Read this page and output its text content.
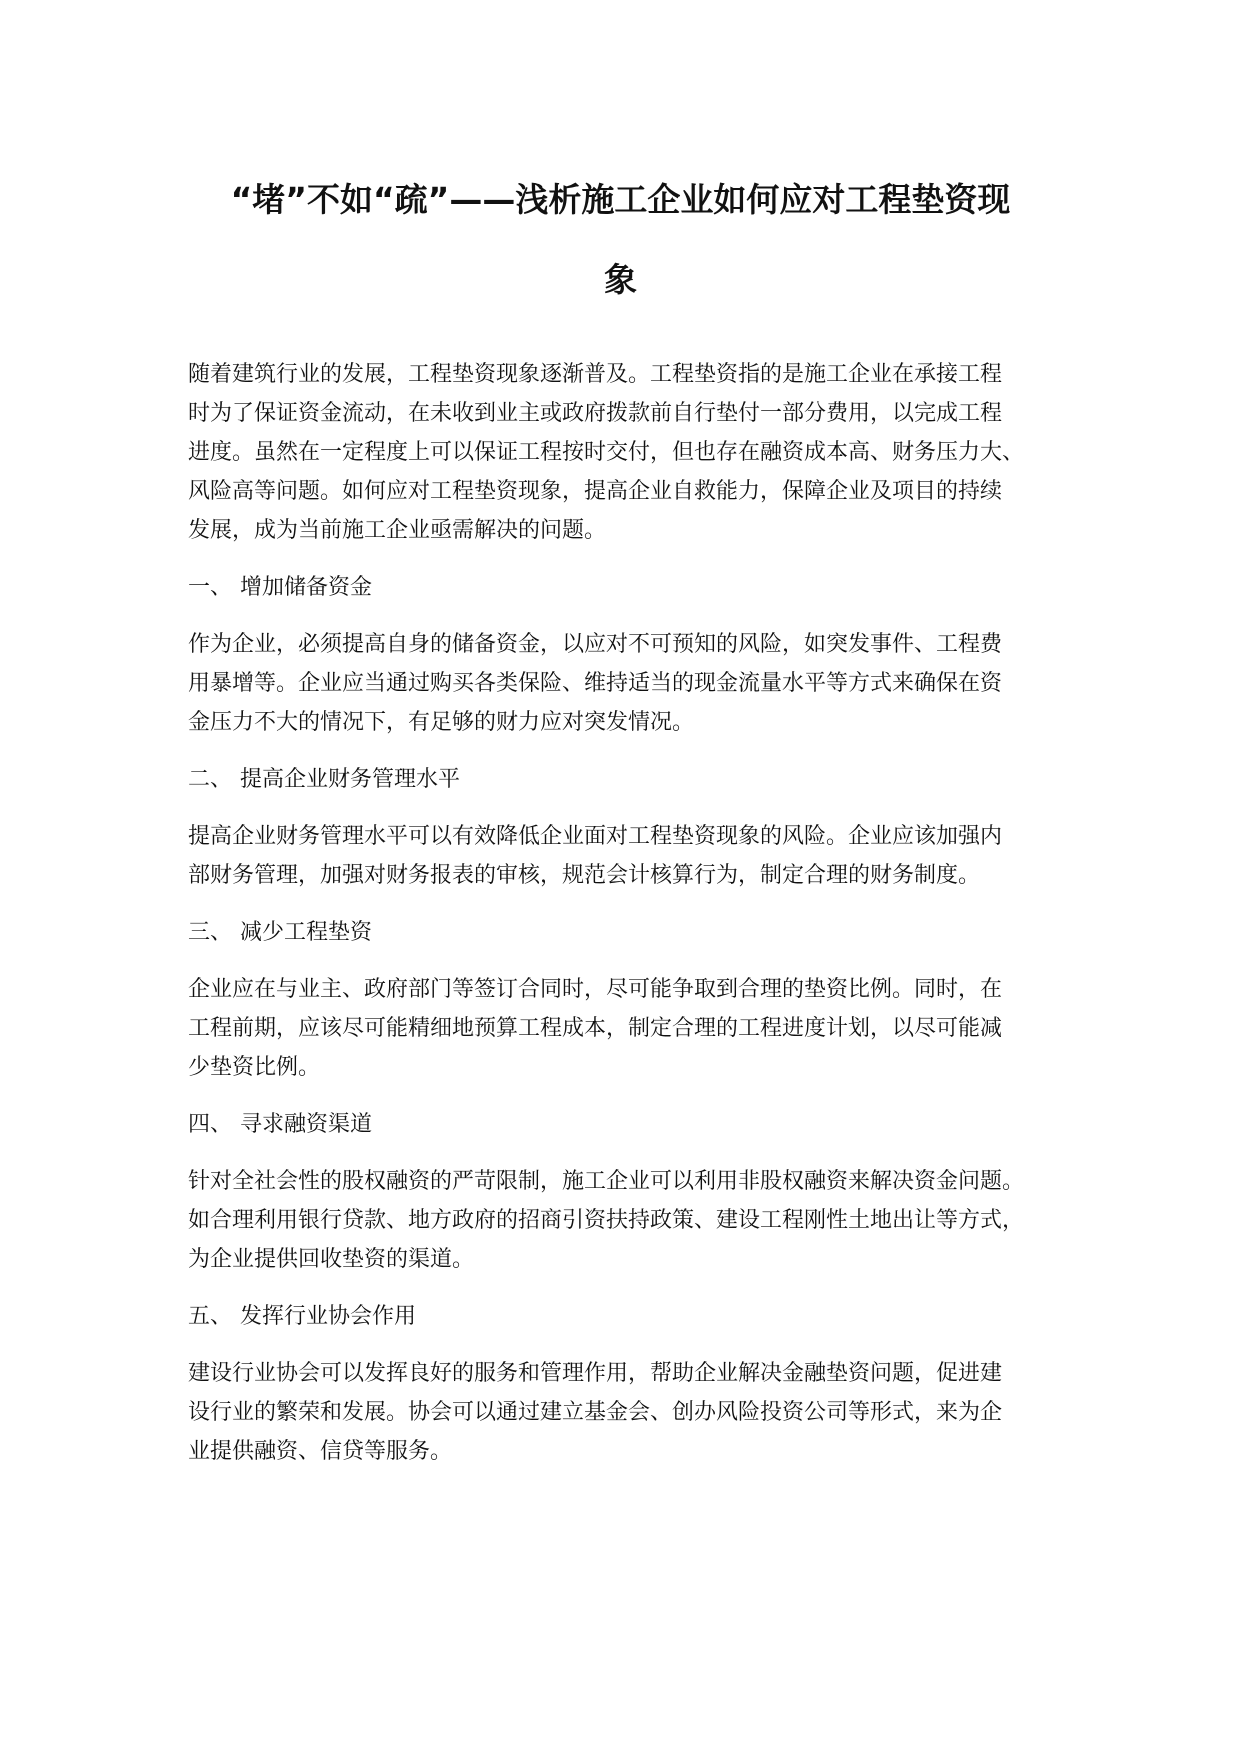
“堵”不如“疏”——浅析施工企业如何应对工程垫资现
象

随着建筑行业的发展，工程垫资现象逐渐普及。工程垫资指的是施工企业在承接工程
时为了保证资金流动，在未收到业主或政府拨款前自行垫付一部分费用，以完成工程
进度。虽然在一定程度上可以保证工程按时交付，但也存在融资成本高、财务压力大、
风险高等问题。如何应对工程垫资现象，提高企业自救能力，保障企业及项目的持续
发展，成为当前施工企业亟需解决的问题。

一、 增加储备资金

作为企业，必须提高自身的储备资金，以应对不可预知的风险，如突发事件、工程费
用暴增等。企业应当通过购买各类保险、维持适当的现金流量水平等方式来确保在资
金压力不大的情况下，有足够的财力应对突发情况。

二、 提高企业财务管理水平

提高企业财务管理水平可以有效降低企业面对工程垫资现象的风险。企业应该加强内
部财务管理，加强对财务报表的审核，规范会计核算行为，制定合理的财务制度。

三、 减少工程垫资

企业应在与业主、政府部门等签订合同时，尽可能争取到合理的垫资比例。同时，在
工程前期，应该尽可能精细地预算工程成本，制定合理的工程进度计划，以尽可能减
少垫资比例。

四、 寻求融资渠道

针对全社会性的股权融资的严苛限制，施工企业可以利用非股权融资来解决资金问题。
如合理利用银行贷款、地方政府的招商引资扶持政策、建设工程刚性土地出让等方式，
为企业提供回收垫资的渠道。

五、 发挥行业协会作用

建设行业协会可以发挥良好的服务和管理作用，帮助企业解决金融垫资问题，促进建
设行业的繁荣和发展。协会可以通过建立基金会、创办风险投资公司等形式，来为企
业提供融资、信贷等服务。
